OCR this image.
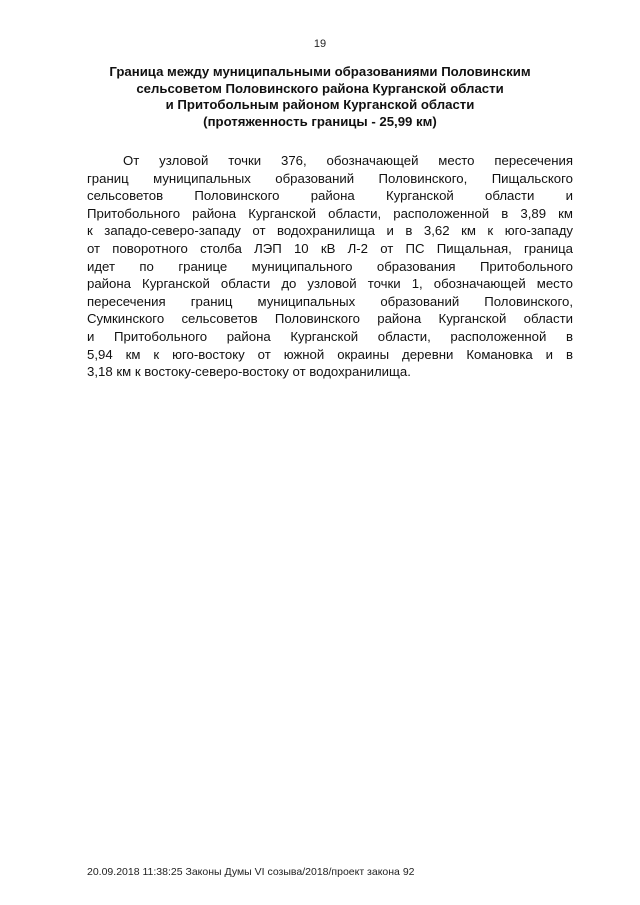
19
Граница между муниципальными образованиями Половинским
сельсоветом Половинского района Курганской области
и Притобольным районом Курганской области
(протяженность границы - 25,99 км)
От узловой точки 376, обозначающей место пересечения
границ муниципальных образований Половинского, Пищальского
сельсоветов Половинского района Курганской области и
Притобольного района Курганской области, расположенной в 3,89 км
к западо-северо-западу от водохранилища и в 3,62 км к юго-западу
от поворотного столба ЛЭП 10 кВ Л-2 от ПС Пищальная, граница
идет по границе муниципального образования Притобольного
района Курганской области до узловой точки 1, обозначающей место
пересечения границ муниципальных образований Половинского,
Сумкинского сельсоветов Половинского района Курганской области
и Притобольного района Курганской области, расположенной в
5,94 км к юго-востоку от южной окраины деревни Комановка и в
3,18 км к востоку-северо-востоку от водохранилища.
20.09.2018 11:38:25 Законы Думы VI созыва/2018/проект закона 92
